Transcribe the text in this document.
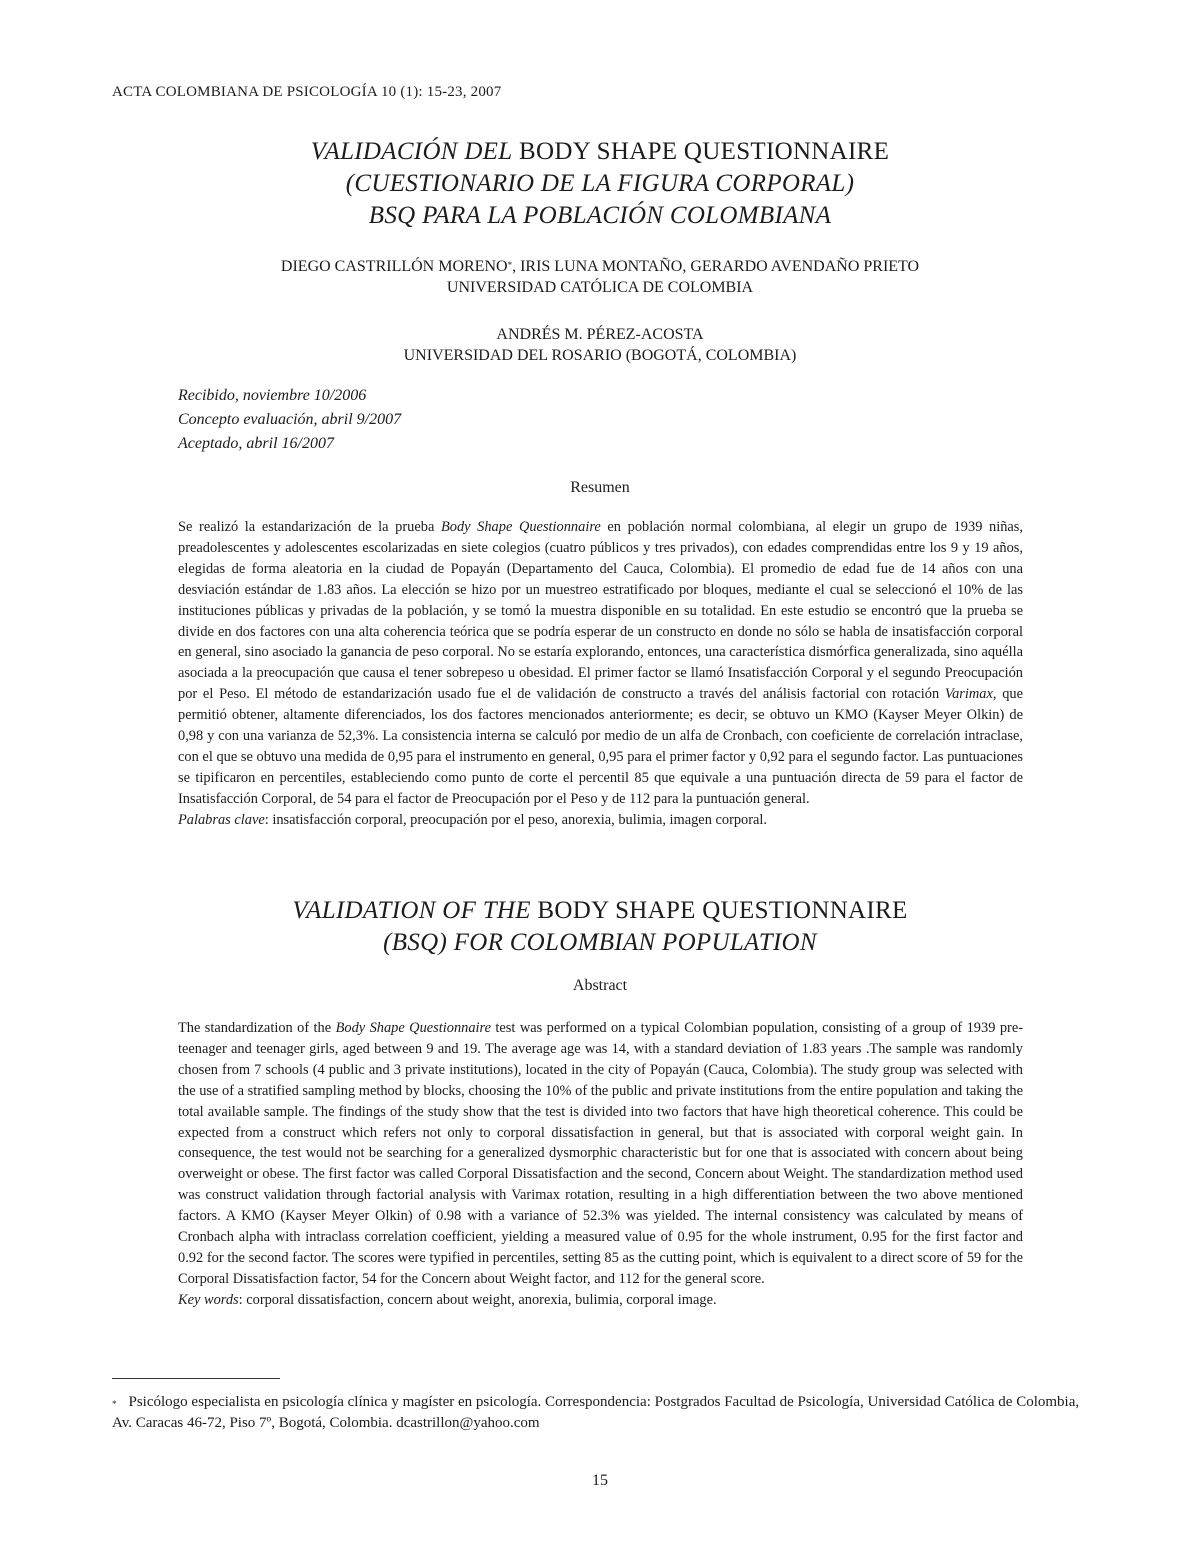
ACTA COLOMBIANA DE PSICOLOGÍA 10 (1): 15-23, 2007
VALIDACIÓN DEL BODY SHAPE QUESTIONNAIRE
(CUESTIONARIO DE LA FIGURA CORPORAL)
BSQ PARA LA POBLACIÓN COLOMBIANA
DIEGO CASTRILLÓN MORENO*, IRIS LUNA MONTAÑO, GERARDO AVENDAÑO PRIETO
UNIVERSIDAD CATÓLICA DE COLOMBIA
ANDRÉS M. PÉREZ-ACOSTA
UNIVERSIDAD DEL ROSARIO (BOGOTÁ, COLOMBIA)
Recibido, noviembre 10/2006
Concepto evaluación, abril 9/2007
Aceptado, abril 16/2007
Resumen
Se realizó la estandarización de la prueba Body Shape Questionnaire en población normal colombiana, al elegir un grupo de 1939 niñas, preadolescentes y adolescentes escolarizadas en siete colegios (cuatro públicos y tres privados), con edades comprendidas entre los 9 y 19 años, elegidas de forma aleatoria en la ciudad de Popayán (Departamento del Cauca, Colombia). El promedio de edad fue de 14 años con una desviación estándar de 1.83 años. La elección se hizo por un muestreo estratificado por bloques, mediante el cual se seleccionó el 10% de las instituciones públicas y privadas de la población, y se tomó la muestra disponible en su totalidad. En este estudio se encontró que la prueba se divide en dos factores con una alta coherencia teórica que se podría esperar de un constructo en donde no sólo se habla de insatisfacción corporal en general, sino asociado la ganancia de peso corporal. No se estaría explorando, entonces, una característica dismórfica generalizada, sino aquélla asociada a la preocupación que causa el tener sobrepeso u obesidad. El primer factor se llamó Insatisfacción Corporal y el segundo Preocupación por el Peso. El método de estandarización usado fue el de validación de constructo a través del análisis factorial con rotación Varimax, que permitió obtener, altamente diferenciados, los dos factores mencionados anteriormente; es decir, se obtuvo un KMO (Kayser Meyer Olkin) de 0,98 y con una varianza de 52,3%. La consistencia interna se calculó por medio de un alfa de Cronbach, con coeficiente de correlación intraclase, con el que se obtuvo una medida de 0,95 para el instrumento en general, 0,95 para el primer factor y 0,92 para el segundo factor. Las puntuaciones se tipificaron en percentiles, estableciendo como punto de corte el percentil 85 que equivale a una puntuación directa de 59 para el factor de Insatisfacción Corporal, de 54 para el factor de Preocupación por el Peso y de 112 para la puntuación general.
Palabras clave: insatisfacción corporal, preocupación por el peso, anorexia, bulimia, imagen corporal.
VALIDATION OF THE BODY SHAPE QUESTIONNAIRE
(BSQ) FOR COLOMBIAN POPULATION
Abstract
The standardization of the Body Shape Questionnaire test was performed on a typical Colombian population, consisting of a group of 1939 pre-teenager and teenager girls, aged between 9 and 19. The average age was 14, with a standard deviation of 1.83 years .The sample was randomly chosen from 7 schools (4 public and 3 private institutions), located in the city of Popayán (Cauca, Colombia). The study group was selected with the use of a stratified sampling method by blocks, choosing the 10% of the public and private institutions from the entire population and taking the total available sample. The findings of the study show that the test is divided into two factors that have high theoretical coherence. This could be expected from a construct which refers not only to corporal dissatisfaction in general, but that is associated with corporal weight gain. In consequence, the test would not be searching for a generalized dysmorphic characteristic but for one that is associated with concern about being overweight or obese. The first factor was called Corporal Dissatisfaction and the second, Concern about Weight. The standardization method used was construct validation through factorial analysis with Varimax rotation, resulting in a high differentiation between the two above mentioned factors. A KMO (Kayser Meyer Olkin) of 0.98 with a variance of 52.3% was yielded. The internal consistency was calculated by means of Cronbach alpha with intraclass correlation coefficient, yielding a measured value of 0.95 for the whole instrument, 0.95 for the first factor and 0.92 for the second factor. The scores were typified in percentiles, setting 85 as the cutting point, which is equivalent to a direct score of 59 for the Corporal Dissatisfaction factor, 54 for the Concern about Weight factor, and 112 for the general score.
Key words: corporal dissatisfaction, concern about weight, anorexia, bulimia, corporal image.
* Psicólogo especialista en psicología clínica y magíster en psicología. Correspondencia: Postgrados Facultad de Psicología, Universidad Católica de Colombia, Av. Caracas 46-72, Piso 7º, Bogotá, Colombia. dcastrillon@yahoo.com
15
